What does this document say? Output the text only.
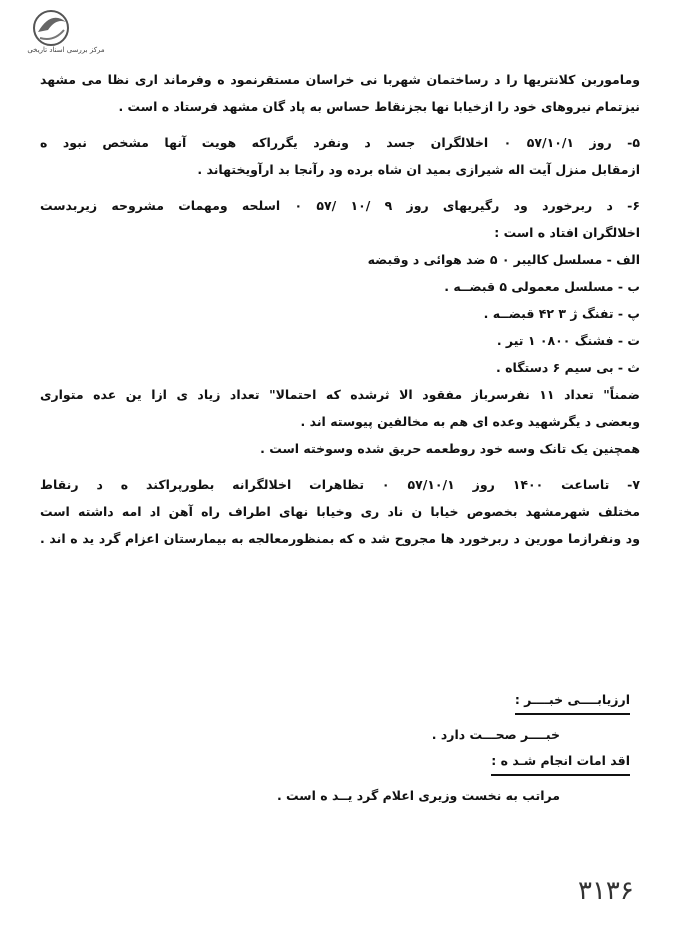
مرکز بررسی اسناد تاریخی
وماموربن کلانتریها را د رساختمان شهربا نی خراسان مستقرنمود ه وفرماند اری نظا می مشهد
نیزتمام نیروهای خود را ازخیابا نها بجزنقاط حساس به پاد گان مشهد فرستاد ه است .
۵- روز ۵۷/۱۰/۱ ۰ اخلالگران جسد د ونفرد یگرراکه هویت آنها مشخص نبود ه
ازمقابل منزل آیت اله شیرازی بمید ان شاه برده ود رآنجا بد ارآویختهاند .
۶- د ربرخورد ود رگیریهای روز ۹ /۱۰ /۵۷ ۰ اسلحه ومهمات مشروحه زیربدست
اخلالگران افتاد ه است :
الف - مسلسل کالیبر ۰ ۵ ضد هوائی د وقبضه
ب - مسلسل معمولی ۵ قبضــه .
پ - تفنگ ژ ۳ ۴۲ قبضــه .
ت - فشنگ ۰۸۰۰ ۱ تیر .
ث - بی سیم ۶ دستگاه .
ضمناً" تعداد ۱۱ نفرسرباز مفقود الا ثرشده که احتمالا" تعداد زیاد ی ازا ین عده متواری
وبعضی د یگرشهید وعده ای هم به مخالفین پیوسته اند .
همچنین یک تانک وسه خود روطعمه حریق شده وسوخته است .
۷- تاساعت ۱۴۰۰ روز ۵۷/۱۰/۱ ۰ تظاهرات اخلالگرانه بطورپراکند ه د رنقاط
مختلف شهرمشهد بخصوص خیابا ن ناد ری وخیابا نهای اطراف راه آهن اد امه داشته است
ود ونفرازما مورین د ربرخورد ها مجروح شد ه که بمنظورمعالجه به بیمارستان اعزام گرد ید ه اند .
ارزیابــــی خبــــر :
خبــــر صحـــت دارد .
اقد امات انجام شـد ه :
مراتب به نخست وزیری اعلام گرد یــد ه است .
۳۱۳۶
